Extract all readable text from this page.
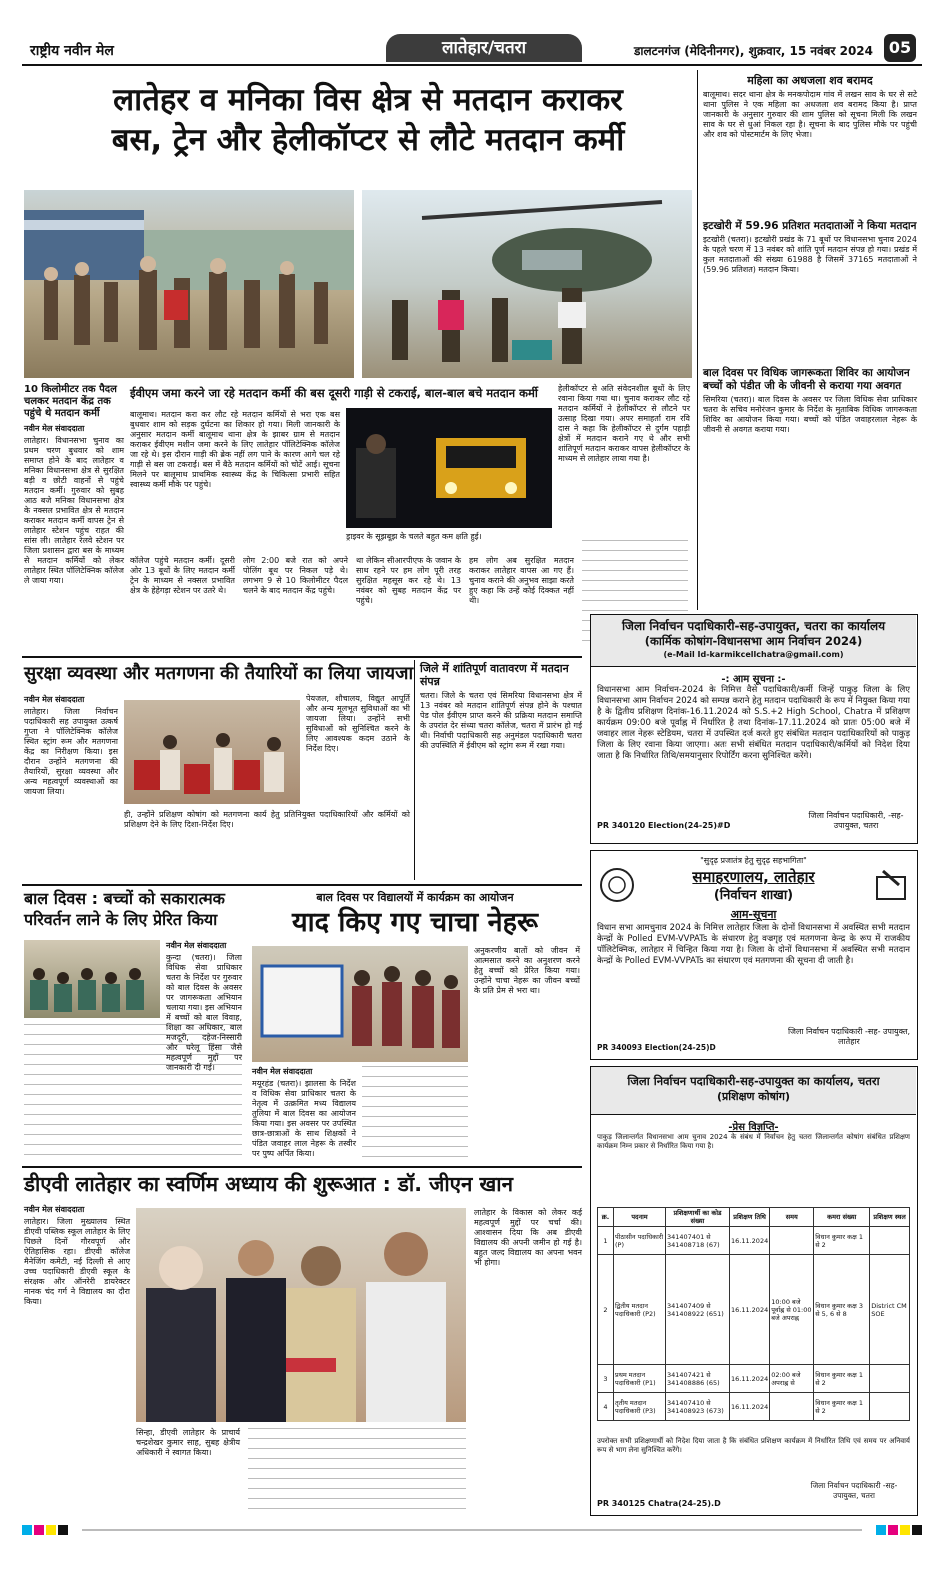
राष्ट्रीय नवीन मेल	लातेहार/चतरा	डालटनगंज (मेदिनीनगर), शुक्रवार, 15 नवंबर 2024 05
लातेहर व मनिका विस क्षेत्र से मतदान कराकर
बस, ट्रेन और हेलीकॉप्टर से लौटे मतदान कर्मी
10 किलोमीटर तक पैदल चलकर मतदान केंद्र तक पहुंचे थे मतदान कर्मी
नवीन मेल संवाददाता
लातेहार। विधानसभा चुनाव का प्रथम चरण बुधवार को शाम समाप्त होने के बाद लातेहार व मनिका विधानसभा क्षेत्र से सुरक्षित बड़ी व छोटी वाहनों से पहुंचे मतदान कर्मी। गुरुवार को सुबह आठ बजे मनिका विधानसभा क्षेत्र के नक्सल प्रभावित क्षेत्र से मतदान कराकर मतदान कर्मी वापस ट्रेन से लातेहार स्टेशन पहुंच राहत की सांस ली। लातेहार रेलवे स्टेशन पर जिला प्रशासन द्वारा बस के माध्यम से मतदान कर्मियों को लेकर लातेहार स्थित पॉलिटेक्निक कॉलेज ले जाया गया।
ईवीएम जमा करने जा रहे मतदान कर्मी की बस दूसरी गाड़ी से टकराई, बाल-बाल बचे मतदान कर्मी
बालूमाथ। मतदान करा कर लौट रहे मतदान कर्मियों से भरा एक बस बुधवार शाम को सड़क दुर्घटना का शिकार हो गया। मिली जानकारी के अनुसार मतदान कर्मी बालूमाथ थाना क्षेत्र के झाबर ग्राम से मतदान कराकर ईवीएम मशीन जमा करने के लिए लातेहार पॉलिटेक्निक कॉलेज जा रहे थे। इस दौरान गाड़ी की ब्रेक नहीं लग पाने के कारण आगे चल रहे गाड़ी से बस जा टकराई। बस में बैठे मतदान कर्मियों को चोटें आई। सूचना मिलने पर बालूमाथ प्राथमिक स्वास्थ्य केंद्र के चिकित्सा प्रभारी सहित स्वास्थ्य कर्मी मौके पर पहुंचे।
ड्राइवर के सूझबूझ के चलते बहुत कम क्षति हुई।
हेलीकॉप्टर से अति संवेदनशील बूथों के लिए रवाना किया गया था। चुनाव कराकर लौट रहे मतदान कर्मियों ने हेलीकॉप्टर से लौटने पर उत्साह दिखा गया। अपर समाहर्ता राम रवि दास ने कहा कि हेलीकॉप्टर से दुर्गम पहाड़ी क्षेत्रों में मतदान कराने गए थे और सभी शांतिपूर्ण मतदान कराकर वापस हेलीकॉप्टर के माध्यम से लातेहार लाया गया है।
कॉलेज पहुंचे मतदान कर्मी। दूसरी ओर 13 बूथों के लिए मतदान कर्मी ट्रेन के माध्यम से नक्सल प्रभावित क्षेत्र के हेहेगड़ा स्टेशन पर उतरे थे।
लोग 2:00 बजे रात को अपने पोलिंग बूथ पर निकल पड़े थे। लगभग 9 से 10 किलोमीटर पैदल चलने के बाद मतदान केंद्र पहुंचे।
था लेकिन सीआरपीएफ के जवान के साथ रहने पर हम लोग पूरी तरह सुरक्षित महसूस कर रहे थे। 13 नवंबर को सुबह मतदान केंद्र पर पहुंचे।
हम लोग अब सुरक्षित मतदान कराकर लातेहार वापस आ गए हैं। चुनाव कराने की अनुभव साझा करते हुए कहा कि उन्हें कोई दिक्कत नहीं थी।
महिला का अधजला शव बरामद
बालूमाथ। सदर थाना क्षेत्र के मनकपोदाम गांव में लखन साव के घर से सटे थाना पुलिस ने एक महिला का अधजला शव बरामद किया है। प्राप्त जानकारी के अनुसार गुरुवार की शाम पुलिस को सूचना मिली कि लखन साव के घर से धुआं निकल रहा है। सूचना के बाद पुलिस मौके पर पहुंची और शव को पोस्टमार्टम के लिए भेजा।
इटखोरी में 59.96 प्रतिशत मतदाताओं ने किया मतदान
इटखोरी (चतरा)। इटखोरी प्रखंड के 71 बूथों पर विधानसभा चुनाव 2024 के पहले चरण में 13 नवंबर को शांति पूर्ण मतदान संपन्न हो गया। प्रखंड में कुल मतदाताओं की संख्या 61988 है जिसमें 37165 मतदाताओं ने (59.96 प्रतिशत) मतदान किया।
बाल दिवस पर विधिक जागरूकता शिविर का आयोजन बच्चों को पंडीत जी के जीवनी से कराया गया अवगत
सिमरिया (चतरा)। बाल दिवस के अवसर पर जिला विधिक सेवा प्राधिकार चतरा के सचिव मनोरंजन कुमार के निर्देश के मुताबिक विधिक जागरूकता शिविर का आयोजन किया गया। बच्चों को पंडित जवाहरलाल नेहरू के जीवनी से अवगत कराया गया।
सुरक्षा व्यवस्था और मतगणना की तैयारियों का लिया जायजा
नवीन मेल संवाददाता
लातेहार। जिला निर्वाचन पदाधिकारी सह उपायुक्त उत्कर्ष गुप्ता ने पॉलिटेक्निक कॉलेज स्थित स्ट्रांग रूम और मतगणना केंद्र का निरीक्षण किया। इस दौरान उन्होंने मतगणना की तैयारियों, सुरक्षा व्यवस्था और अन्य महत्वपूर्ण व्यवस्थाओं का जायजा लिया।
पेयजल, शौचालय, विद्युत आपूर्ति और अन्य मूलभूत सुविधाओं का भी जायजा लिया। उन्होंने सभी सुविधाओं को सुनिश्चित करने के लिए आवश्यक कदम उठाने के निर्देश दिए।
ही, उन्होंने प्रशिक्षण कोषांग को मतगणना कार्य हेतु प्रतिनियुक्त पदाधिकारियों और कर्मियों को प्रशिक्षण देने के लिए दिशा-निर्देश दिए।
जिले में शांतिपूर्ण वातावरण में मतदान संपन्न
चतरा। जिले के चतरा एवं सिमरिया विधानसभा क्षेत्र में 13 नवंबर को मतदान शांतिपूर्ण संपन्न होने के पश्चात पेड पोल ईवीएम प्राप्त करने की प्रक्रिया मतदान समाप्ति के उपरांत देर संध्या चतरा कॉलेज, चतरा में प्रारंभ हो गई थी। निर्वाची पदाधिकारी सह अनुमंडल पदाधिकारी चतरा की उपस्थिति में ईवीएम को स्ट्रांग रूम में रखा गया।
जिला निर्वाचन पदाधिकारी-सह-उपायुक्त, चतरा का कार्यालय
(कार्मिक कोषांग-विधानसभा आम निर्वाचन 2024)
(e-Mail Id-karmikcellchatra@gmail.com)
-: आम सूचना :-
विधानसभा आम निर्वाचन-2024 के निमित्त वैसे पदाधिकारी/कर्मी जिन्हें पाकुड़ जिला के लिए विधानसभा आम निर्वाचन 2024 को सम्पन्न कराने हेतु मतदान पदाधिकारी के रूप में नियुक्त किया गया है के द्वितीय प्रशिक्षण दिनांक-16.11.2024 को S.S.+2 High School, Chatra में प्रशिक्षण कार्यक्रम 09:00 बजे पूर्वाह्न में निर्धारित है तथा दिनांक-17.11.2024 को प्रातः 05:00 बजे में जवाहर लाल नेहरू स्टेडियम, चतरा में उपस्थित दर्ज करते हुए संबंधित मतदान पदाधिकारियों को पाकुड़ जिला के लिए रवाना किया जाएगा। अतः सभी संबंधित मतदान पदाधिकारी/कर्मियों को निदेश दिया जाता है कि निर्धारित तिथि/समयानुसार रिपोर्टिंग करना सुनिश्चित करेंगे।
PR 340120 Election(24-25)#D
जिला निर्वाचन पदाधिकारी, -सह-उपायुक्त, चतरा
बाल दिवस : बच्चों को सकारात्मक परिवर्तन लाने के लिए प्रेरित किया
नवीन मेल संवाददाता
कुन्दा (चतरा)। जिला विधिक सेवा प्राधिकार चतरा के निर्देश पर गुरुवार को बाल दिवस के अवसर पर जागरूकता अभियान चलाया गया। इस अभियान में बच्चों को बाल विवाह, शिक्षा का अधिकार, बाल मजदूरी, दहेज-निस्सारी और घरेलू हिंसा जैसे महत्वपूर्ण मुद्दों पर जानकारी दी गई।
बाल दिवस पर विद्यालयों में कार्यक्रम का आयोजन
याद किए गए चाचा नेहरू
अनुकरणीय बातों को जीवन में आत्मसात करने का अनुशरण करने हेतु बच्चों को प्रेरित किया गया। उन्होंने चाचा नेहरू का जीवन बच्चों के प्रति प्रेम से भरा था।
नवीन मेल संवाददाता
मयूरहंड (चतरा)। झालसा के निर्देश व विधिक सेवा प्राधिकार चतरा के नेतृत्व में उत्क्रमित मध्य विद्यालय तुलिया में बाल दिवस का आयोजन किया गया। इस अवसर पर उपस्थित छात्र-छात्राओं के साथ शिक्षकों ने पंडित जवाहर लाल नेहरू के तस्वीर पर पुष्प अर्पित किया।
"सुदृढ़ प्रजातंत्र हेतु सुदृढ़ सहभागिता"
समाहरणालय, लातेहार
(निर्वाचन शाखा)
आम-सूचना
विधान सभा आमचुनाव 2024 के निमित्त लातेहार जिला के दोनों विधानसभा में अवस्थित सभी मतदान केन्द्रों के Polled EVM-VVPATs के संधारण हेतु वज्रगृह एवं मतगणना केन्द्र के रूप में राजकीय पॉलिटेक्निक, लातेहार में चिन्हित किया गया है। जिला के दोनों विधानसभा में अवस्थित सभी मतदान केन्द्रों के Polled EVM-VVPATs का संधारण एवं मतगणना की सूचना दी जाती है।
PR 340093 Election(24-25)D
जिला निर्वाचन पदाधिकारी -सह- उपायुक्त, लातेहार
डीएवी लातेहार का स्वर्णिम अध्याय की शुरूआत : डॉ. जीएन खान
नवीन मेल संवाददाता
लातेहार। जिला मुख्यालय स्थित डीएवी पब्लिक स्कूल लातेहार के लिए पिछले दिनों गौरवपूर्ण और ऐतिहासिक रहा। डीएवी कॉलेज मैनेजिंग कमेटी, नई दिल्ली से आए उच्च पदाधिकारी डीएवी स्कूल के संरक्षक और ऑनरेरी डायरेक्टर नानक चंद गर्ग ने विद्यालय का दौरा किया।
सिन्हा, डीएवी लातेहार के प्राचार्य चन्द्रशेखर कुमार साह, सुबह क्षेत्रीय अधिकारी ने स्वागत किया।
लातेहार के विकास को लेकर कई महत्वपूर्ण मुद्दों पर चर्चा की। आश्वासन दिया कि अब डीएवी विद्यालय की अपनी जमीन हो गई है। बहुत जल्द विद्यालय का अपना भवन भी होगा।
जिला निर्वाचन पदाधिकारी-सह-उपायुक्त का कार्यालय, चतरा
(प्रशिक्षण कोषांग)
-प्रेस विज्ञप्ति-
पाकुड़ जिलान्तर्गत विधानसभा आम चुनाव 2024 के संबंध में निर्वाचन हेतु चतरा जिलान्तर्गत कोषांग संबंधित प्रशिक्षण कार्यक्रम निम्न प्रकार से निर्धारित किया गया है।
क्र.	पदनाम	प्रशिक्षणार्थी का कोड संख्या	प्रशिक्षण तिथि	समय	कमरा संख्या	प्रशिक्षण स्थल
1	पीठासीन पदाधिकारी (P)	341407401 से 341408718 (67)	16.11.2024		विधान कुमार कक्ष 1 से 2	
2	द्वितीय मतदान पदाधिकारी (P2)	341407409 से 341408922 (651)	16.11.2024	10:00 बजे पूर्वाह्न से 01:00 बजे अपराह्न	विधान कुमार कक्ष 3 से 5, 6 से 8	District CM SOE
3	प्रथम मतदान पदाधिकारी (P1)	341407421 से 341408886 (65)	16.11.2024	02:00 बजे अपराह्न से	विधान कुमार कक्ष 1 से 2	
4	तृतीय मतदान पदाधिकारी (P3)	341407410 से 341408923 (673)	16.11.2024		विधान कुमार कक्ष 1 से 2	
उपरोक्त सभी प्रशिक्षणार्थी को निदेश दिया जाता है कि संबंधित प्रशिक्षण कार्यक्रम में निर्धारित तिथि एवं समय पर अनिवार्य रूप से भाग लेना सुनिश्चित करेंगे।
PR 340125 Chatra(24-25).D
जिला निर्वाचन पदाधिकारी -सह- उपायुक्त, चतरा
